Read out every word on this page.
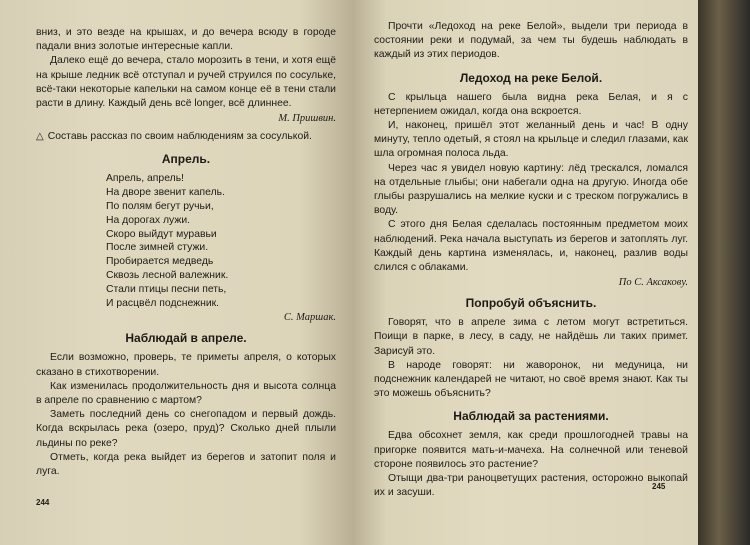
вниз, и это везде на крышах, и до вечера всюду в городе падали вниз золотые интересные капли.

Далеко ещё до вечера, стало морозить в тени, и хотя ещё на крыше ледник всё отступал и ручей струился по сосульке, всё-таки некоторые капельки на самом конце её в тени стали расти в длину. Каждый день всё longer, всё длиннее.

М. Пришвин.
△ Составь рассказ по своим наблюдениям за сосулькой.

Апрель.
Апрель, апрель!
На дворе звенит капель.
По полям бегут ручьи,
На дорогах лужи.
Скоро выйдут муравьи
После зимней стужи.
Пробирается медведь
Сквозь лесной валежник.
Стали птицы песни петь,
И расцвёл подснежник.
С. Маршак.
Наблюдай в апреле.

Если возможно, проверь, те приметы апреля, о которых сказано в стихотворении.

Как изменилась продолжительность дня и высота солнца в апреле по сравнению с мартом?

Заметь последний день со снегопадом и первый дождь. Когда вскрылась река (озеро, пруд)? Сколько дней плыли льдины по реке?

Отметь, когда река выйдет из берегов и затопит поля и луга.

244

Прочти «Ледоход на реке Белой», выдели три периода в состоянии реки и подумай, за чем ты будешь наблюдать в каждый из этих периодов.

Ледоход на реке Белой.

С крыльца нашего была видна река Белая, и я с нетерпением ожидал, когда она вскроется.

И, наконец, пришёл этот желанный день и час! В одну минуту, тепло одетый, я стоял на крыльце и следил глазами, как шла огромная полоса льда.

Через час я увидел новую картину: лёд трескался, ломался на отдельные глыбы; они набегали одна на другую. Иногда обе глыбы разрушались на мелкие куски и с треском погружались в воду.

С этого дня Белая сделалась постоянным предметом моих наблюдений. Река начала выступать из берегов и затоплять луг. Каждый день картина изменялась, и, наконец, разлив воды слился с облаками.

По С. Аксакову.
Попробуй объяснить.

Говорят, что в апреле зима с летом могут встретиться. Поищи в парке, в лесу, в саду, не найдёшь ли таких примет. Зарисуй это.

В народе говорят: ни жаворонок, ни медуница, ни подснежник календарей не читают, но своё время знают. Как ты это можешь объяснить?

Наблюдай за растениями.

Едва обсохнет земля, как среди прошлогодней травы на пригорке появится мать-и-мачеха. На солнечной или теневой стороне появилось это растение?

Отыщи два-три раноцветущих растения, осторожно выкопай их и засуши.

245
